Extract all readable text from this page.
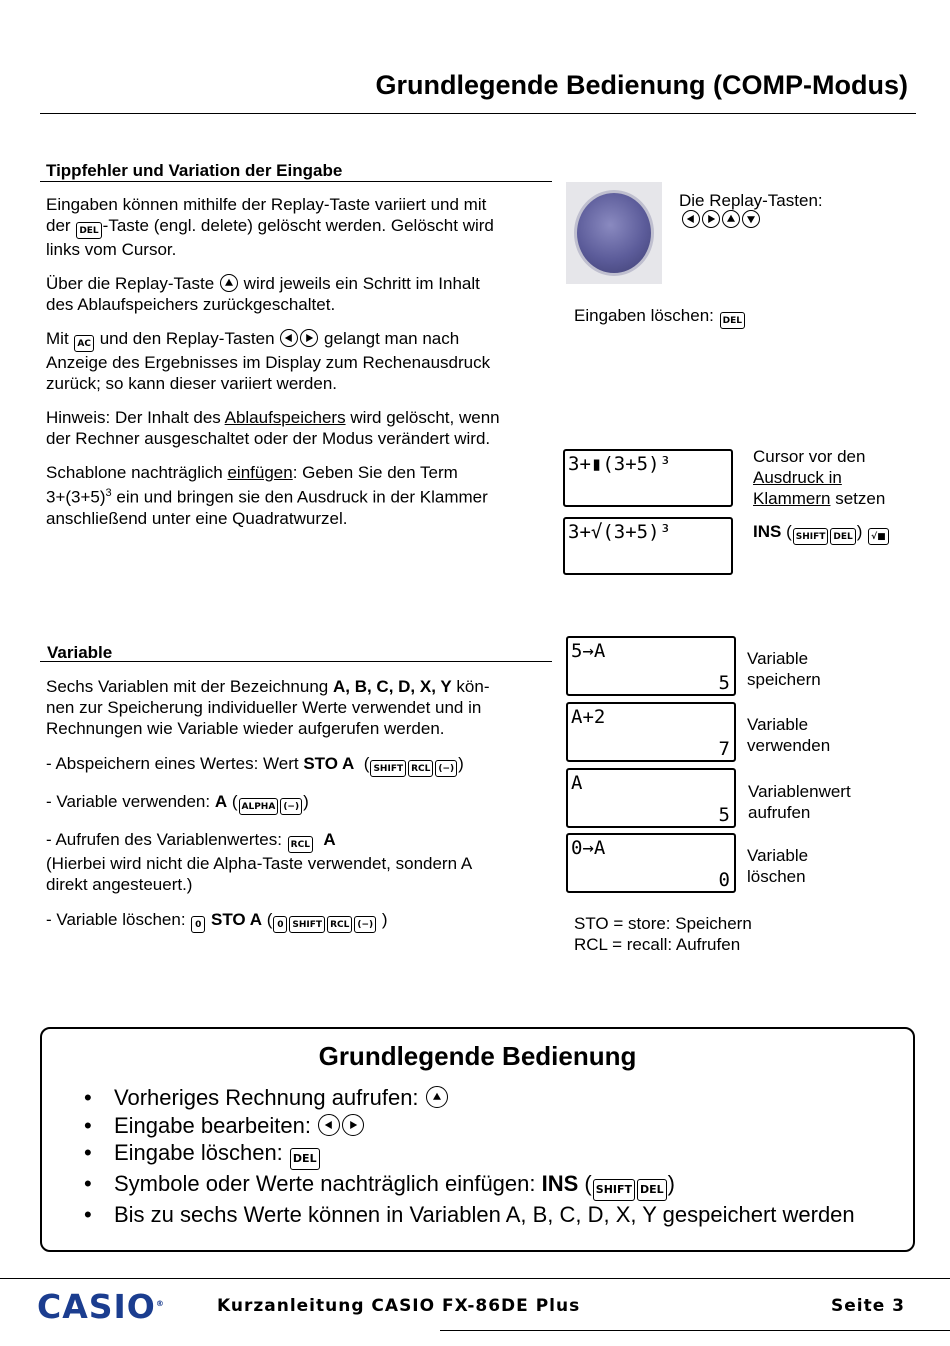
Grundlegende Bedienung (COMP-Modus)
Tippfehler und Variation der Eingabe
Eingaben können mithilfe der Replay-Taste variiert und mit
der DEL -Taste (engl. delete) gelöscht werden. Gelöscht wird
links vom Cursor.
Über die Replay-Taste wird jeweils ein Schritt im Inhalt
des Ablaufspeichers zurückgeschaltet.
Mit AC und den Replay-Tasten	gelangt man nach
Anzeige des Ergebnisses im Display zum Rechenausdruck
zurück; so kann dieser variiert werden.
Hinweis: Der Inhalt des Ablaufspeichers wird gelöscht, wenn
der Rechner ausgeschaltet oder der Modus verändert wird.
Schablone nachträglich einfügen: Geben Sie den Term
$3+(3+5)^3$ ein und bringen sie den Ausdruck in der Klammer
anschließend unter eine Quadratwurzel.
Die Replay-Tasten:
Eingaben löschen: DEL
3+▮(3+5)³
3+√(3+5)³
Cursor vor den
Ausdruck in
Klammern setzen
INS ( SHIFT DEL ) √■
Variable
Sechs Variablen mit der Bezeichnung A, B, C, D, X, Y kön-
nen zur Speicherung individueller Werte verwendet und in
Rechnungen wie Variable wieder aufgerufen werden.
- Abspeichern eines Wertes: Wert STO A  ( SHIFT RCL (−) )
- Variable verwenden: A ( ALPHA (−) )
- Aufrufen des Variablenwertes: RCL A
(Hierbei wird nicht die Alpha-Taste verwendet, sondern A
direkt angesteuert.)
- Variable löschen: 0 STO A ( 0 SHIFT RCL (−) )
5→A
5
Variable
speichern
A+2
7
Variable
verwenden
A
5
Variablenwert
aufrufen
0→A
0
Variable
löschen
STO = store: Speichern
RCL = recall: Aufrufen
Grundlegende Bedienung
• Vorheriges Rechnung aufrufen:
• Eingabe bearbeiten:
• Eingabe löschen: DEL
• Symbole oder Werte nachträglich einfügen: INS ( SHIFT DEL )
• Bis zu sechs Werte können in Variablen A, B, C, D, X, Y gespeichert werden
CASIO®	Kurzanleitung CASIO FX-86DE Plus	Seite 3
